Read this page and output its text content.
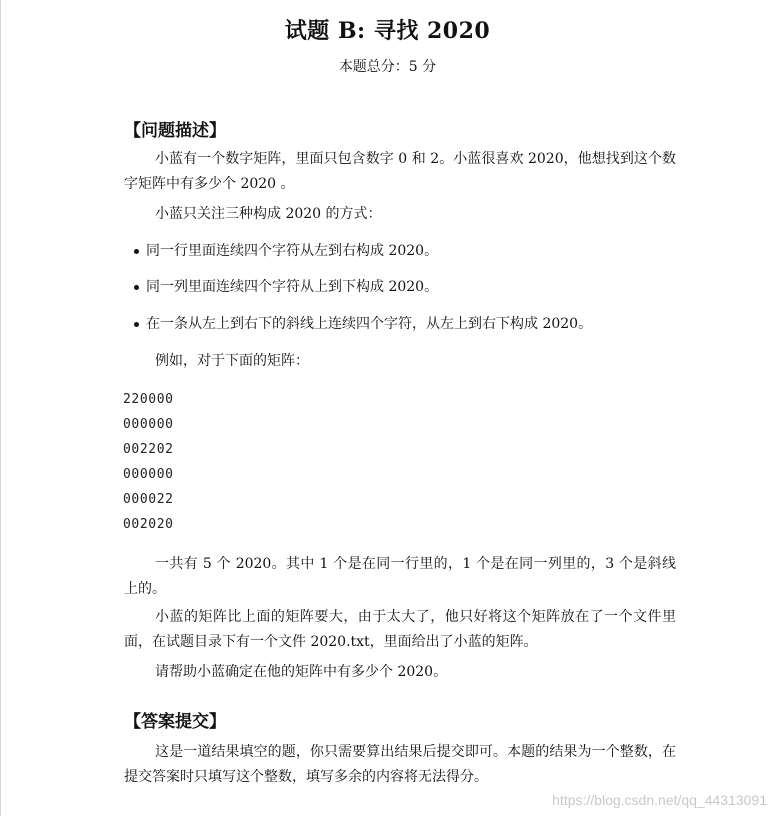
试题 B: 寻找 2020
本题总分：5 分
【问题描述】

小蓝有一个数字矩阵，里面只包含数字 0 和 2。小蓝很喜欢 2020，他想找到这个数字矩阵中有多少个 2020 。

小蓝只关注三种构成 2020 的方式：

同一行里面连续四个字符从左到右构成 2020。
同一列里面连续四个字符从上到下构成 2020。
在一条从左上到右下的斜线上连续四个字符，从左上到右下构成 2020。

例如，对于下面的矩阵：

220000
000000
002202
000000
000022
002020

一共有 5 个 2020。其中 1 个是在同一行里的，1 个是在同一列里的，3 个是斜线上的。

小蓝的矩阵比上面的矩阵要大，由于太大了，他只好将这个矩阵放在了一个文件里面，在试题目录下有一个文件 2020.txt，里面给出了小蓝的矩阵。

请帮助小蓝确定在他的矩阵中有多少个 2020。

【答案提交】

这是一道结果填空的题，你只需要算出结果后提交即可。本题的结果为一个整数，在提交答案时只填写这个整数，填写多余的内容将无法得分。

https://blog.csdn.net/qq_44313091
